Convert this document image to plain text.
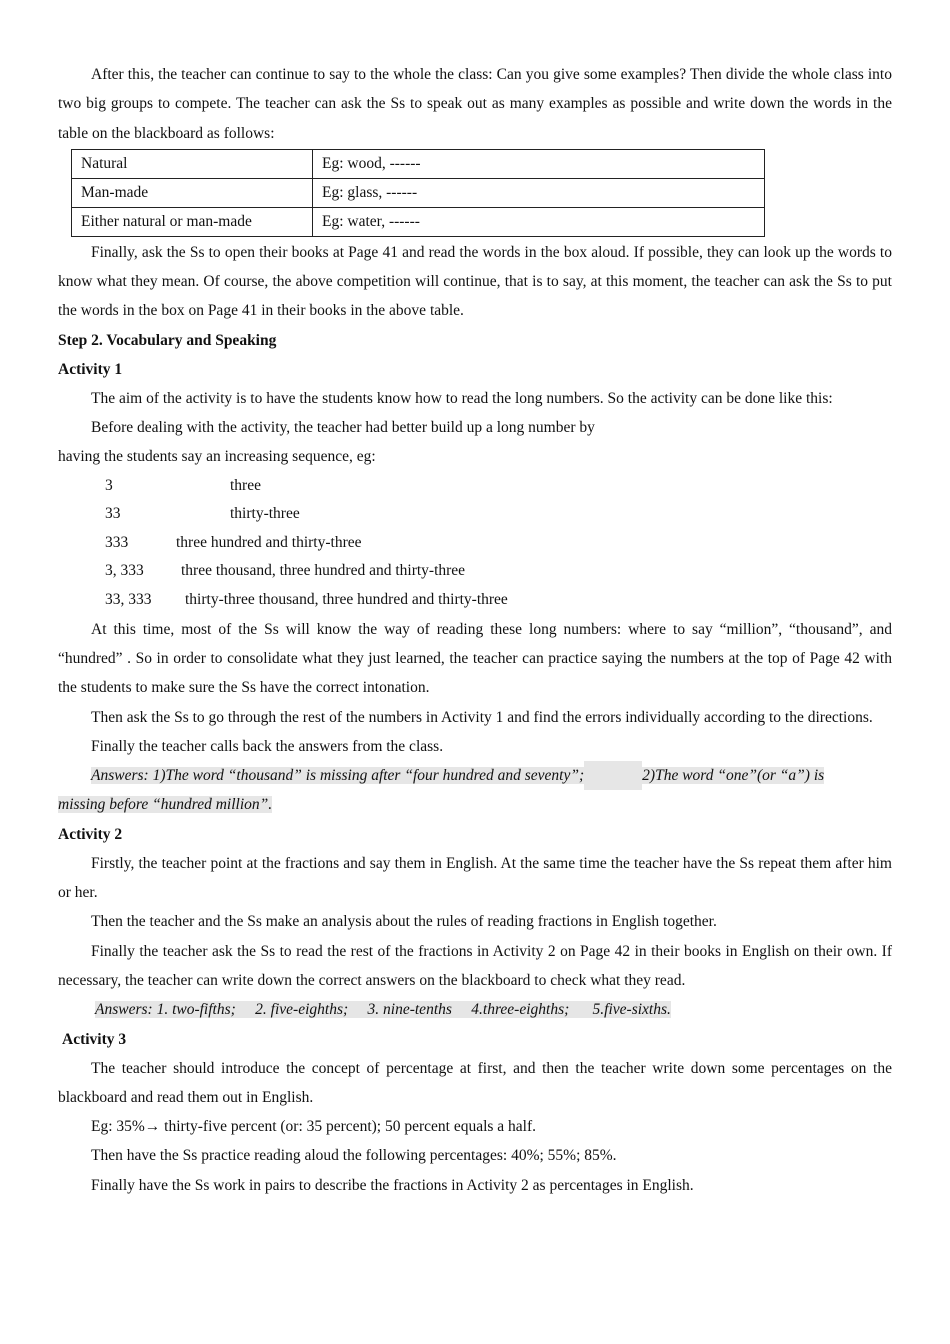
After this, the teacher can continue to say to the whole the class: Can you give some examples? Then divide the whole class into two big groups to compete. The teacher can ask the Ss to speak out as many examples as possible and write down the words in the table on the blackboard as follows:

Natural	Eg: wood, ------
Man-made	Eg: glass, ------
Either natural or man-made	Eg: water, ------

Finally, ask the Ss to open their books at Page 41 and read the words in the box aloud. If possible, they can look up the words to know what they mean. Of course, the above competition will continue, that is to say, at this moment, the teacher can ask the Ss to put the words in the box on Page 41 in their books in the above table.

Step 2. Vocabulary and Speaking

Activity 1

The aim of the activity is to have the students know how to read the long numbers. So the activity can be done like this:

Before dealing with the activity, the teacher had better build up a long number by

having the students say an increasing sequence, eg:

3	three
33	thirty-three
333	three hundred and thirty-three
3, 333 three thousand, three hundred and thirty-three
33, 333 thirty-three thousand, three hundred and thirty-three

At this time, most of the Ss will know the way of reading these long numbers: where to say “million”, “thousand”, and “hundred” . So in order to consolidate what they just learned, the teacher can practice saying the numbers at the top of Page 42 with the students to make sure the Ss have the correct intonation.

Then ask the Ss to go through the rest of the numbers in Activity 1 and find the errors individually according to the directions.

Finally the teacher calls back the answers from the class.

Answers: 1)The word “thousand” is missing after “four hundred and seventy”;	2)The word “one”(or “a”) is

missing before “hundred million”.

Activity 2

Firstly, the teacher point at the fractions and say them in English. At the same time the teacher have the Ss repeat them after him or her.

Then the teacher and the Ss make an analysis about the rules of reading fractions in English together.

Finally the teacher ask the Ss to read the rest of the fractions in Activity 2 on Page 42 in their books in English on their own. If necessary, the teacher can write down the correct answers on the blackboard to check what they read.

Answers: 1. two-fifths; 2. five-eighths; 3. nine-tenths 4.three-eighths; 5.five-sixths.

Activity 3

The teacher should introduce the concept of percentage at first, and then the teacher write down some percentages on the blackboard and read them out in English.

Eg: 35%→ thirty-five percent (or: 35 percent); 50 percent equals a half.

Then have the Ss practice reading aloud the following percentages: 40%; 55%; 85%.

Finally have the Ss work in pairs to describe the fractions in Activity 2 as percentages in English.
